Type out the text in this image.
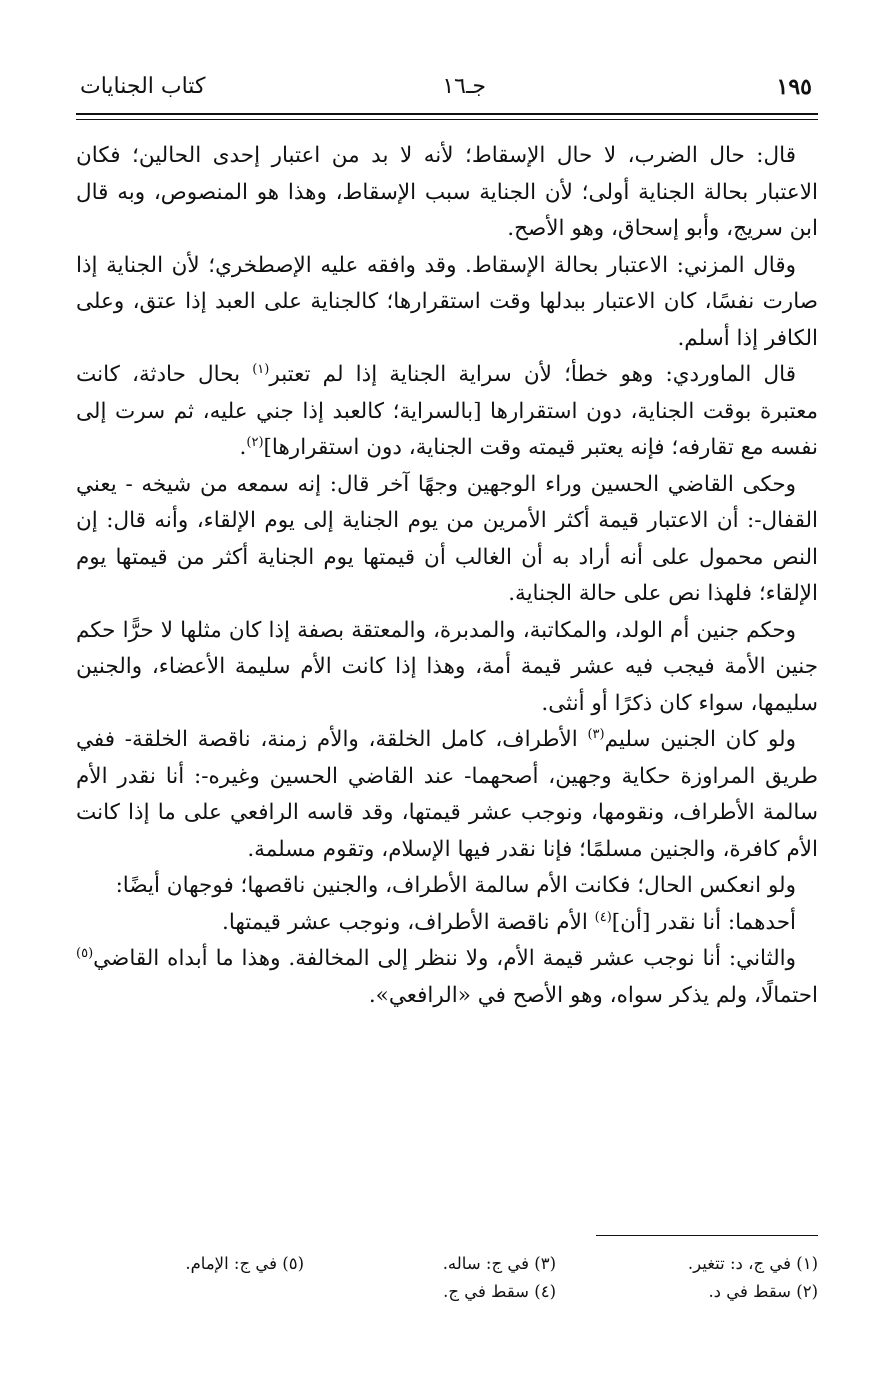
١٩٥
جـ١٦
كتاب الجنايات

قال: حال الضرب، لا حال الإسقاط؛ لأنه لا بد من اعتبار إحدى الحالين؛ فكان الاعتبار بحالة الجناية أولى؛ لأن الجناية سبب الإسقاط، وهذا هو المنصوص، وبه قال ابن سريج، وأبو إسحاق، وهو الأصح.

وقال المزني: الاعتبار بحالة الإسقاط. وقد وافقه عليه الإصطخري؛ لأن الجناية إذا صارت نفسًا، كان الاعتبار ببدلها وقت استقرارها؛ كالجناية على العبد إذا عتق، وعلى الكافر إذا أسلم.

قال الماوردي: وهو خطأ؛ لأن سراية الجناية إذا لم تعتبر$^{(١)}$ بحال حادثة، كانت معتبرة بوقت الجناية، دون استقرارها [بالسراية؛ كالعبد إذا جني عليه، ثم سرت إلى نفسه مع تقارفه؛ فإنه يعتبر قيمته وقت الجناية، دون استقرارها]$^{(٢)}$.

وحكى القاضي الحسين وراء الوجهين وجهًا آخر قال: إنه سمعه من شيخه - يعني القفال-: أن الاعتبار قيمة أكثر الأمرين من يوم الجناية إلى يوم الإلقاء، وأنه قال: إن النص محمول على أنه أراد به أن الغالب أن قيمتها يوم الجناية أكثر من قيمتها يوم الإلقاء؛ فلهذا نص على حالة الجناية.

وحكم جنين أم الولد، والمكاتبة، والمدبرة، والمعتقة بصفة إذا كان مثلها لا حرًّا حكم جنين الأمة فيجب فيه عشر قيمة أمة، وهذا إذا كانت الأم سليمة الأعضاء، والجنين سليمها، سواء كان ذكرًا أو أنثى.

ولو كان الجنين سليم$^{(٣)}$ الأطراف، كامل الخلقة، والأم زمنة، ناقصة الخلقة- ففي طريق المراوزة حكاية وجهين، أصحهما- عند القاضي الحسين وغيره-: أنا نقدر الأم سالمة الأطراف، ونقومها، ونوجب عشر قيمتها، وقد قاسه الرافعي على ما إذا كانت الأم كافرة، والجنين مسلمًا؛ فإنا نقدر فيها الإسلام، وتقوم مسلمة.

ولو انعكس الحال؛ فكانت الأم سالمة الأطراف، والجنين ناقصها؛ فوجهان أيضًا:

أحدهما: أنا نقدر [أن]$^{(٤)}$ الأم ناقصة الأطراف، ونوجب عشر قيمتها.

والثاني: أنا نوجب عشر قيمة الأم، ولا ننظر إلى المخالفة. وهذا ما أبداه القاضي$^{(٥)}$ احتمالًا، ولم يذكر سواه، وهو الأصح في «الرافعي».

(١) في ج، د: تتغير.
(٢) سقط في د.
(٣) في ج: ساله.
(٤) سقط في ج.
(٥) في ج: الإمام.
